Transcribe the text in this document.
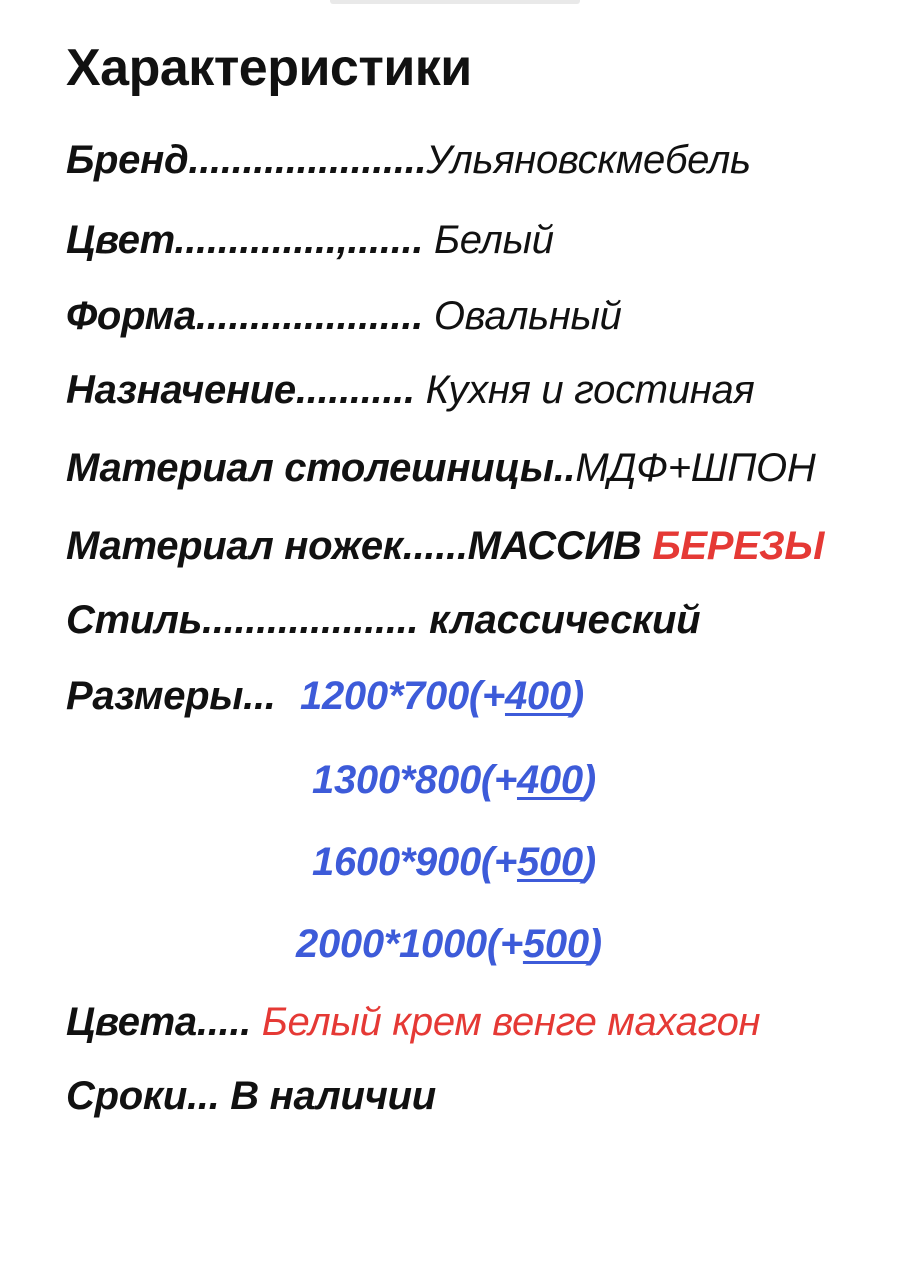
Характеристики
Бренд......................Ульяновскмебель
Цвет...............,....... Белый
Форма..................... Овальный
Назначение........... Кухня и гостиная
Материал столешницы..МДФ+ШПОН
Материал ножек......МАССИВ БЕРЕЗЫ
Стиль.................... классический
Размеры... 1200*700(+400)
1300*800(+400)
1600*900(+500)
2000*1000(+500)
Цвета..... Белый крем венге махагон
Сроки... В наличии
